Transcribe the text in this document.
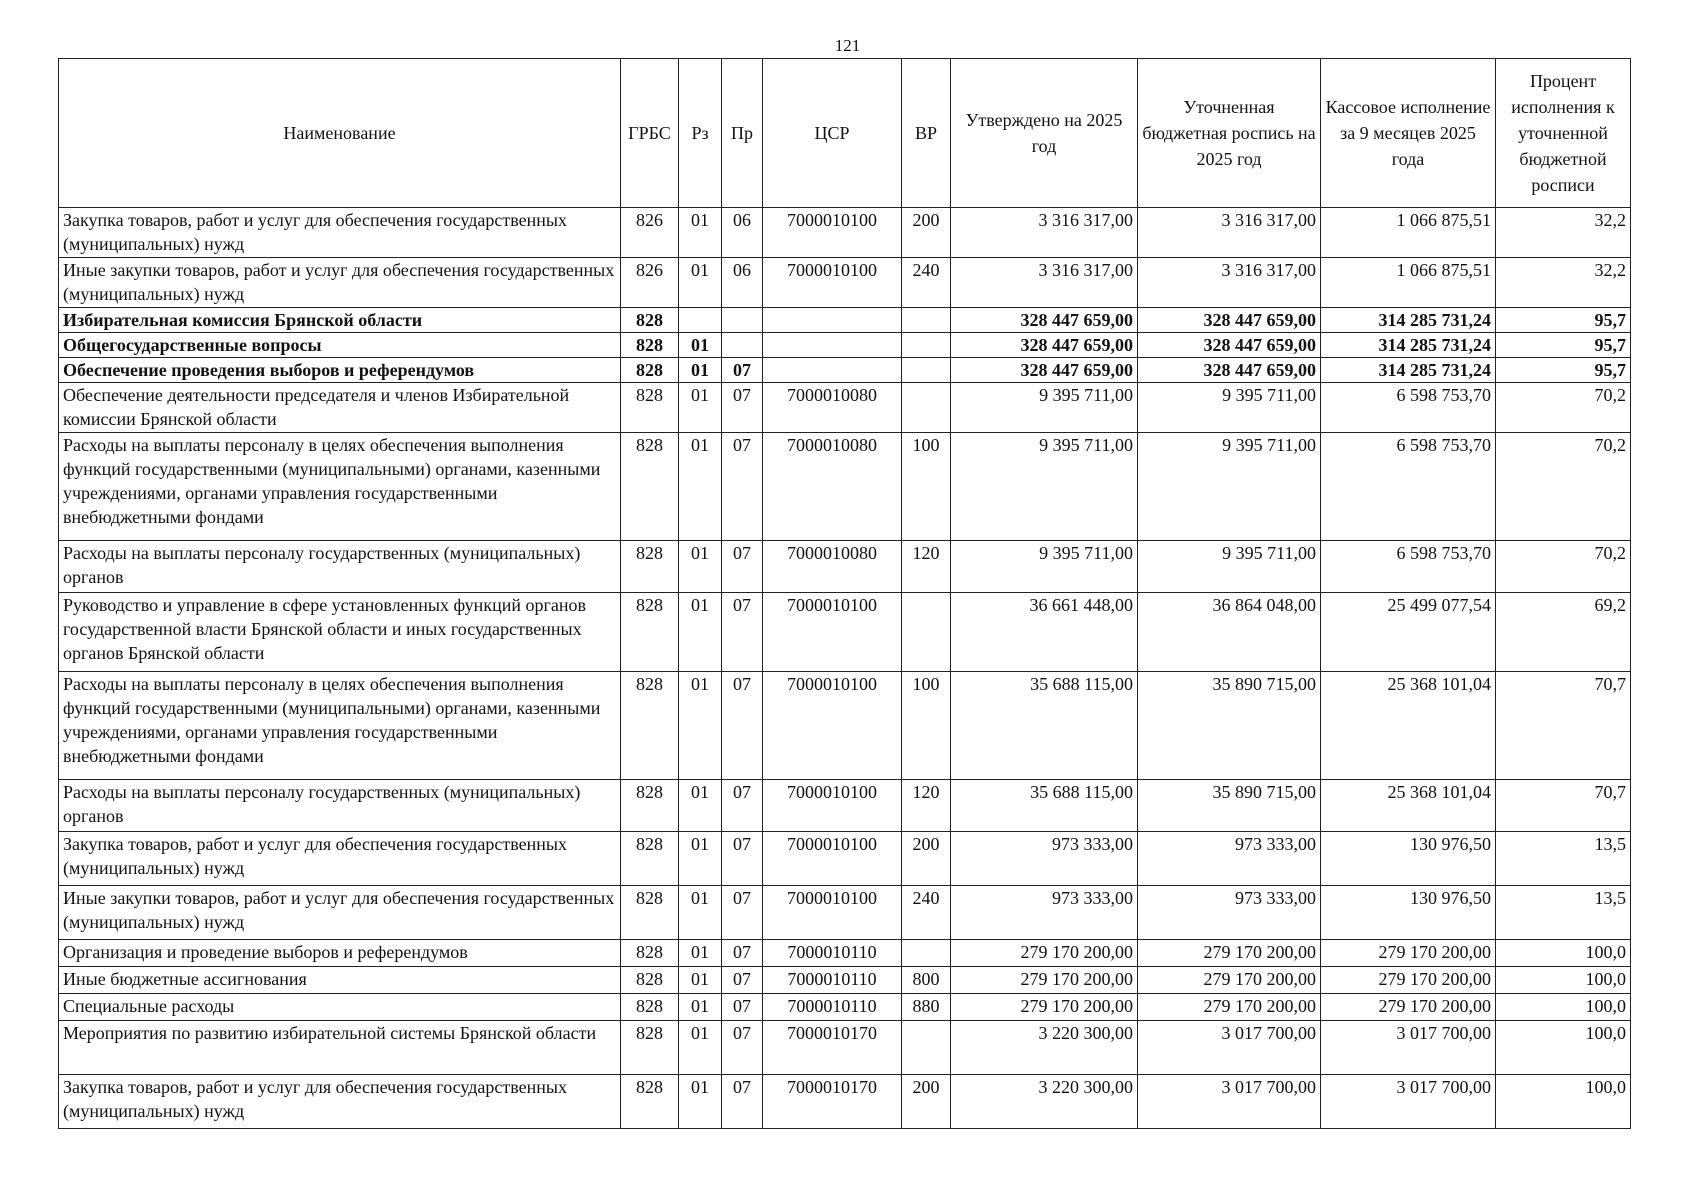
121
Наименование	ГРБС	Рз	Пр	ЦСР	ВР	Утверждено на 2025 год	Уточненная бюджетная роспись на 2025 год	Кассовое исполнение за 9 месяцев 2025 года	Процент исполнения к уточненной бюджетной росписи
Закупка товаров, работ и услуг для обеспечения государственных (муниципальных) нужд	826	01	06	7000010100	200	3 316 317,00	3 316 317,00	1 066 875,51	32,2
Иные закупки товаров, работ и услуг для обеспечения государственных (муниципальных) нужд	826	01	06	7000010100	240	3 316 317,00	3 316 317,00	1 066 875,51	32,2
Избирательная комиссия Брянской области	828					328 447 659,00	328 447 659,00	314 285 731,24	95,7
Общегосударственные вопросы	828	01				328 447 659,00	328 447 659,00	314 285 731,24	95,7
Обеспечение проведения выборов и референдумов	828	01	07			328 447 659,00	328 447 659,00	314 285 731,24	95,7
Обеспечение деятельности председателя и членов Избирательной комиссии Брянской области	828	01	07	7000010080		9 395 711,00	9 395 711,00	6 598 753,70	70,2
Расходы на выплаты персоналу в целях обеспечения выполнения функций государственными (муниципальными) органами, казенными учреждениями, органами управления государственными внебюджетными фондами	828	01	07	7000010080	100	9 395 711,00	9 395 711,00	6 598 753,70	70,2
Расходы на выплаты персоналу государственных (муниципальных) органов	828	01	07	7000010080	120	9 395 711,00	9 395 711,00	6 598 753,70	70,2
Руководство и управление в сфере установленных функций органов государственной власти Брянской области и иных государственных органов Брянской области	828	01	07	7000010100		36 661 448,00	36 864 048,00	25 499 077,54	69,2
Расходы на выплаты персоналу в целях обеспечения выполнения функций государственными (муниципальными) органами, казенными учреждениями, органами управления государственными внебюджетными фондами	828	01	07	7000010100	100	35 688 115,00	35 890 715,00	25 368 101,04	70,7
Расходы на выплаты персоналу государственных (муниципальных) органов	828	01	07	7000010100	120	35 688 115,00	35 890 715,00	25 368 101,04	70,7
Закупка товаров, работ и услуг для обеспечения государственных (муниципальных) нужд	828	01	07	7000010100	200	973 333,00	973 333,00	130 976,50	13,5
Иные закупки товаров, работ и услуг для обеспечения государственных (муниципальных) нужд	828	01	07	7000010100	240	973 333,00	973 333,00	130 976,50	13,5
Организация и проведение выборов и референдумов	828	01	07	7000010110		279 170 200,00	279 170 200,00	279 170 200,00	100,0
Иные бюджетные ассигнования	828	01	07	7000010110	800	279 170 200,00	279 170 200,00	279 170 200,00	100,0
Специальные расходы	828	01	07	7000010110	880	279 170 200,00	279 170 200,00	279 170 200,00	100,0
Мероприятия по развитию избирательной системы Брянской области	828	01	07	7000010170		3 220 300,00	3 017 700,00	3 017 700,00	100,0
Закупка товаров, работ и услуг для обеспечения государственных (муниципальных) нужд	828	01	07	7000010170	200	3 220 300,00	3 017 700,00	3 017 700,00	100,0
